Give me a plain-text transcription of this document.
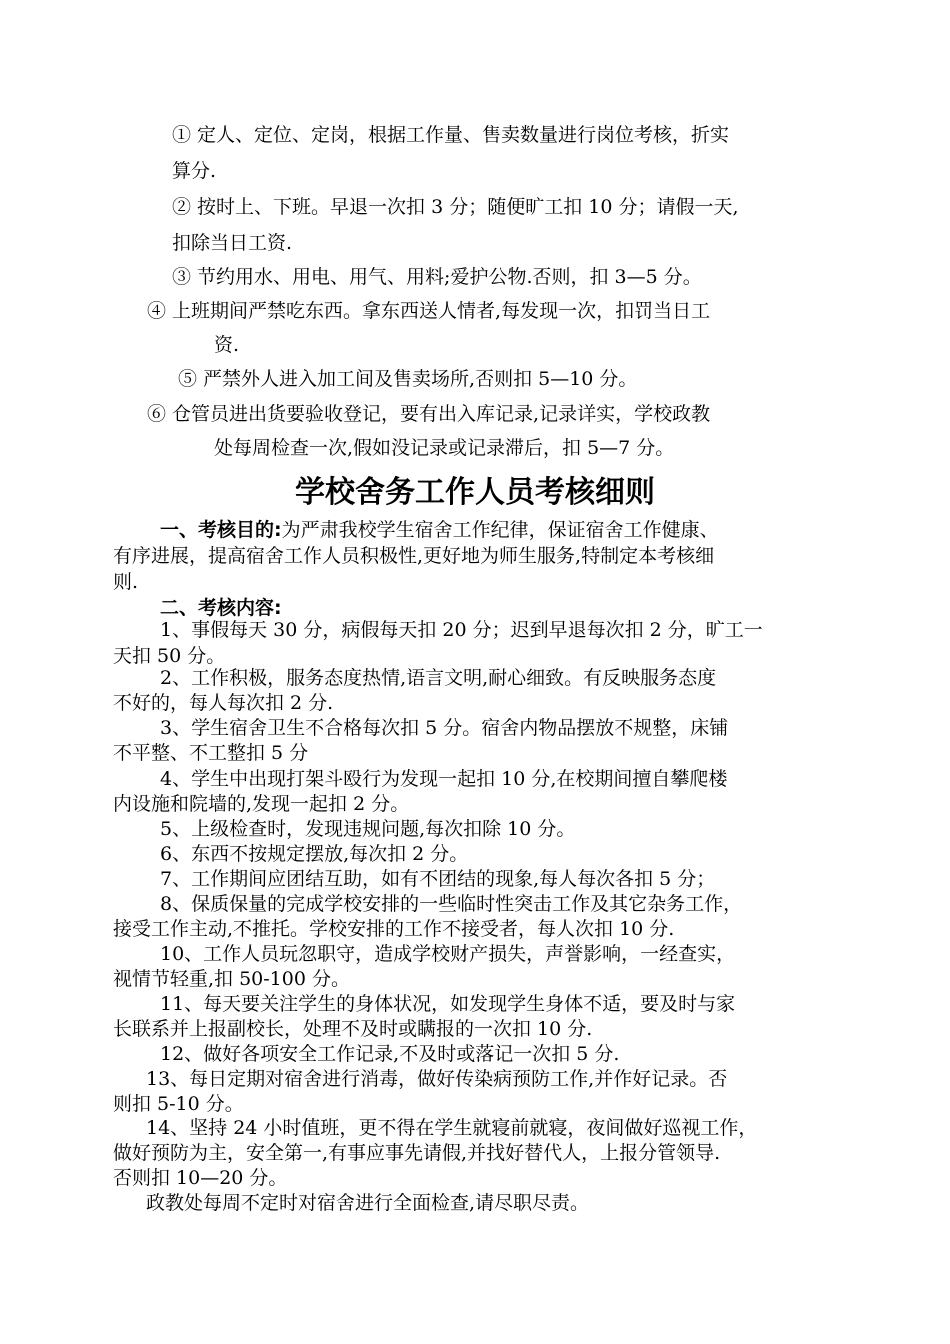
① 定人、定位、定岗，根据工作量、售卖数量进行岗位考核，折实
算分.
② 按时上、下班。早退一次扣 3 分；随便旷工扣 10 分；请假一天,
扣除当日工资.
③ 节约用水、用电、用气、用料;爱护公物.否则，扣 3—5 分。
④ 上班期间严禁吃东西。拿东西送人情者,每发现一次，扣罚当日工
资.
⑤ 严禁外人进入加工间及售卖场所,否则扣 5—10 分。
⑥ 仓管员进出货要验收登记，要有出入库记录,记录详实，学校政教
处每周检查一次,假如没记录或记录滞后，扣 5—7 分。
学校舍务工作人员考核细则
一、考核目的:为严肃我校学生宿舍工作纪律，保证宿舍工作健康、
有序进展，提高宿舍工作人员积极性,更好地为师生服务,特制定本考核细
则.
二、考核内容:
1、事假每天 30 分，病假每天扣 20 分；迟到早退每次扣 2 分，旷工一
天扣 50 分。
2、工作积极，服务态度热情,语言文明,耐心细致。有反映服务态度
不好的，每人每次扣 2 分.
3、学生宿舍卫生不合格每次扣 5 分。宿舍内物品摆放不规整，床铺
不平整、不工整扣 5 分
4、学生中出现打架斗殴行为发现一起扣 10 分,在校期间擅自攀爬楼
内设施和院墙的,发现一起扣 2 分。
5、上级检查时，发现违规问题,每次扣除 10 分。
6、东西不按规定摆放,每次扣 2 分。
7、工作期间应团结互助，如有不团结的现象,每人每次各扣 5 分；
8、保质保量的完成学校安排的一些临时性突击工作及其它杂务工作，
接受工作主动,不推托。学校安排的工作不接受者，每人次扣 10 分.
10、工作人员玩忽职守，造成学校财产损失，声誉影响，一经查实，
视情节轻重,扣 50-100 分。
11、每天要关注学生的身体状况，如发现学生身体不适，要及时与家
长联系并上报副校长，处理不及时或瞒报的一次扣 10 分.
12、做好各项安全工作记录,不及时或落记一次扣 5 分.
13、每日定期对宿舍进行消毒，做好传染病预防工作,并作好记录。否
则扣 5-10 分。
14、坚持 24 小时值班，更不得在学生就寝前就寝，夜间做好巡视工作，
做好预防为主，安全第一,有事应事先请假,并找好替代人，上报分管领导.
否则扣 10—20 分。
政教处每周不定时对宿舍进行全面检查,请尽职尽责。
